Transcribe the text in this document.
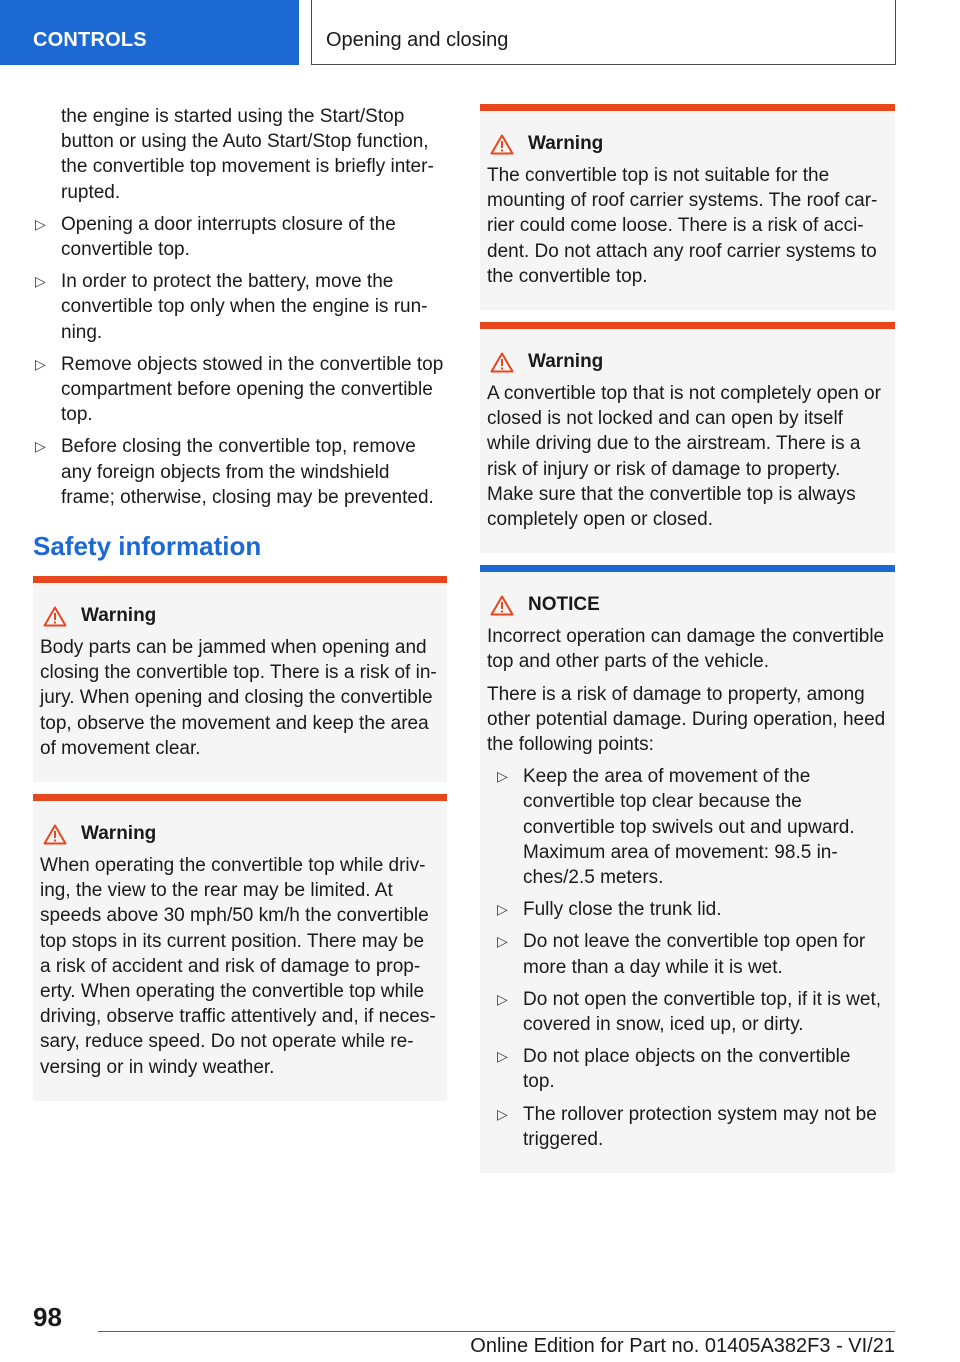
CONTROLS	Opening and closing

the engine is started using the Start/Stop button or using the Auto Start/Stop function, the convertible top movement is briefly inter-rupted.

▷ Opening a door interrupts closure of the convertible top.
▷ In order to protect the battery, move the convertible top only when the engine is run-ning.
▷ Remove objects stowed in the convertible top compartment before opening the convertible top.
▷ Before closing the convertible top, remove any foreign objects from the windshield frame; otherwise, closing may be prevented.
Safety information
Warning

Body parts can be jammed when opening and closing the convertible top. There is a risk of in-jury. When opening and closing the convertible top, observe the movement and keep the area of movement clear.

Warning

When operating the convertible top while driv-ing, the view to the rear may be limited. At speeds above 30 mph/50 km/h the convertible top stops in its current position. There may be a risk of accident and risk of damage to prop-erty. When operating the convertible top while driving, observe traffic attentively and, if neces-sary, reduce speed. Do not operate while re-versing or in windy weather.

Warning

The convertible top is not suitable for the mounting of roof carrier systems. The roof car-rier could come loose. There is a risk of acci-dent. Do not attach any roof carrier systems to the convertible top.

Warning

A convertible top that is not completely open or closed is not locked and can open by itself while driving due to the airstream. There is a risk of injury or risk of damage to property. Make sure that the convertible top is always completely open or closed.

NOTICE

Incorrect operation can damage the convertible top and other parts of the vehicle.

There is a risk of damage to property, among other potential damage. During operation, heed the following points:

▷ Keep the area of movement of the convertible top clear because the convertible top swivels out and upward. Maximum area of movement: 98.5 in-ches/2.5 meters.
▷ Fully close the trunk lid.
▷ Do not leave the convertible top open for more than a day while it is wet.
▷ Do not open the convertible top, if it is wet, covered in snow, iced up, or dirty.
▷ Do not place objects on the convertible top.
▷ The rollover protection system may not be triggered.
98
Online Edition for Part no. 01405A382F3 - VI/21
